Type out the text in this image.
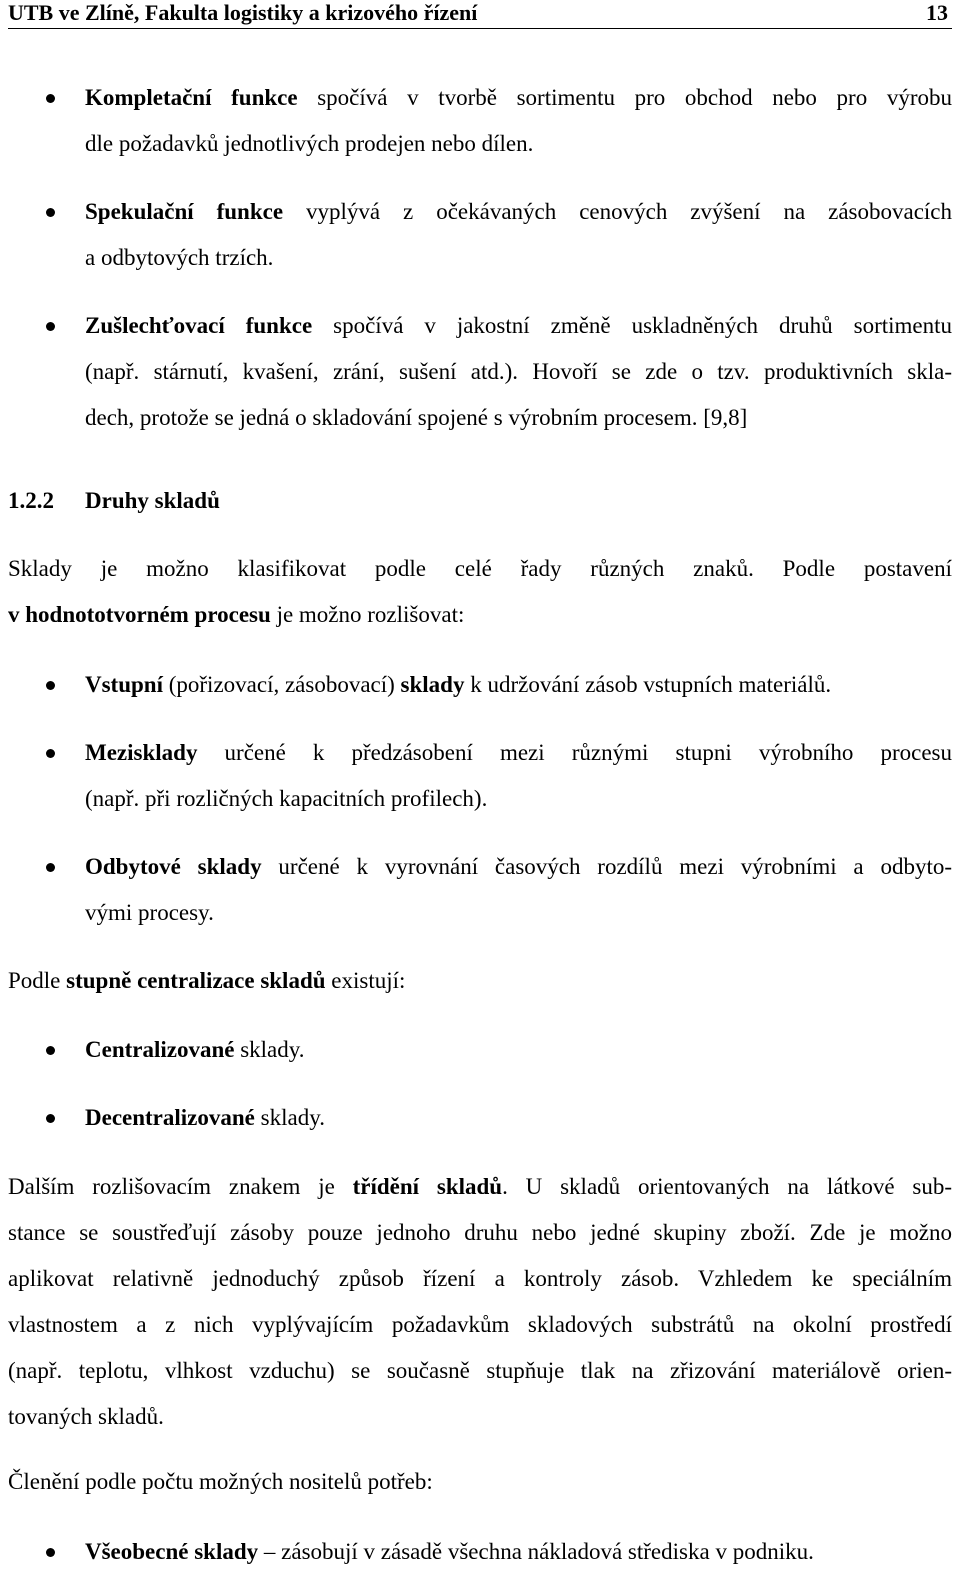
UTB ve Zlíně, Fakulta logistiky a krizového řízení	13
Kompletační funkce spočívá v tvorbě sortimentu pro obchod nebo pro výrobu
dle požadavků jednotlivých prodejen nebo dílen.
Spekulační funkce vyplývá z očekávaných cenových zvýšení na zásobovacích
a odbytových trzích.
Zušlechťovací funkce spočívá v jakostní změně uskladněných druhů sortimentu
(např. stárnutí, kvašení, zrání, sušení atd.). Hovoří se zde o tzv. produktivních skla-
dech, protože se jedná o skladování spojené s výrobním procesem. [9,8]
1.2.2 Druhy skladů
Sklady je možno klasifikovat podle celé řady různých znaků. Podle postavení
v hodnototvorném procesu je možno rozlišovat:
Vstupní (pořizovací, zásobovací) sklady k udržování zásob vstupních materiálů.
Mezisklady určené k předzásobení mezi různými stupni výrobního procesu
(např. při rozličných kapacitních profilech).
Odbytové sklady určené k vyrovnání časových rozdílů mezi výrobními a odbyto-
vými procesy.
Podle stupně centralizace skladů existují:
Centralizované sklady.
Decentralizované sklady.
Dalším rozlišovacím znakem je třídění skladů. U skladů orientovaných na látkové sub-
stance se soustřeďují zásoby pouze jednoho druhu nebo jedné skupiny zboží. Zde je možno
aplikovat relativně jednoduchý způsob řízení a kontroly zásob. Vzhledem ke speciálním
vlastnostem a z nich vyplývajícím požadavkům skladových substrátů na okolní prostředí
(např. teplotu, vlhkost vzduchu) se současně stupňuje tlak na zřizování materiálově orien-
tovaných skladů.
Členění podle počtu možných nositelů potřeb:
Všeobecné sklady – zásobují v zásadě všechna nákladová střediska v podniku.
